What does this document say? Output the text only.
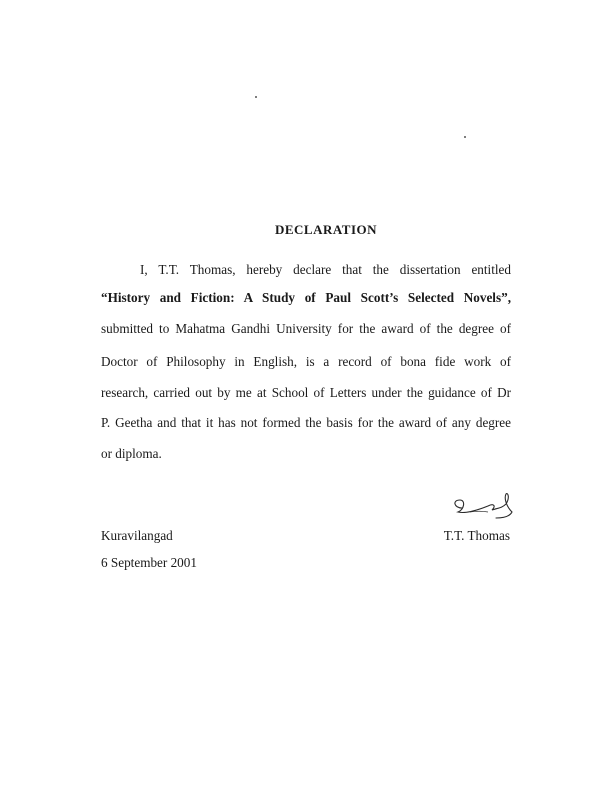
DECLARATION
I, T.T. Thomas, hereby declare that the dissertation entitled
“History and Fiction: A Study of Paul Scott’s Selected Novels”,
submitted to Mahatma Gandhi University for the award of the degree of
Doctor of Philosophy in English, is a record of bona fide work of
research, carried out by me at School of Letters under the guidance of Dr
P. Geetha and that it has not formed the basis for the award of any degree
or diploma.
Kuravilangad	T.T. Thomas
6 September 2001
